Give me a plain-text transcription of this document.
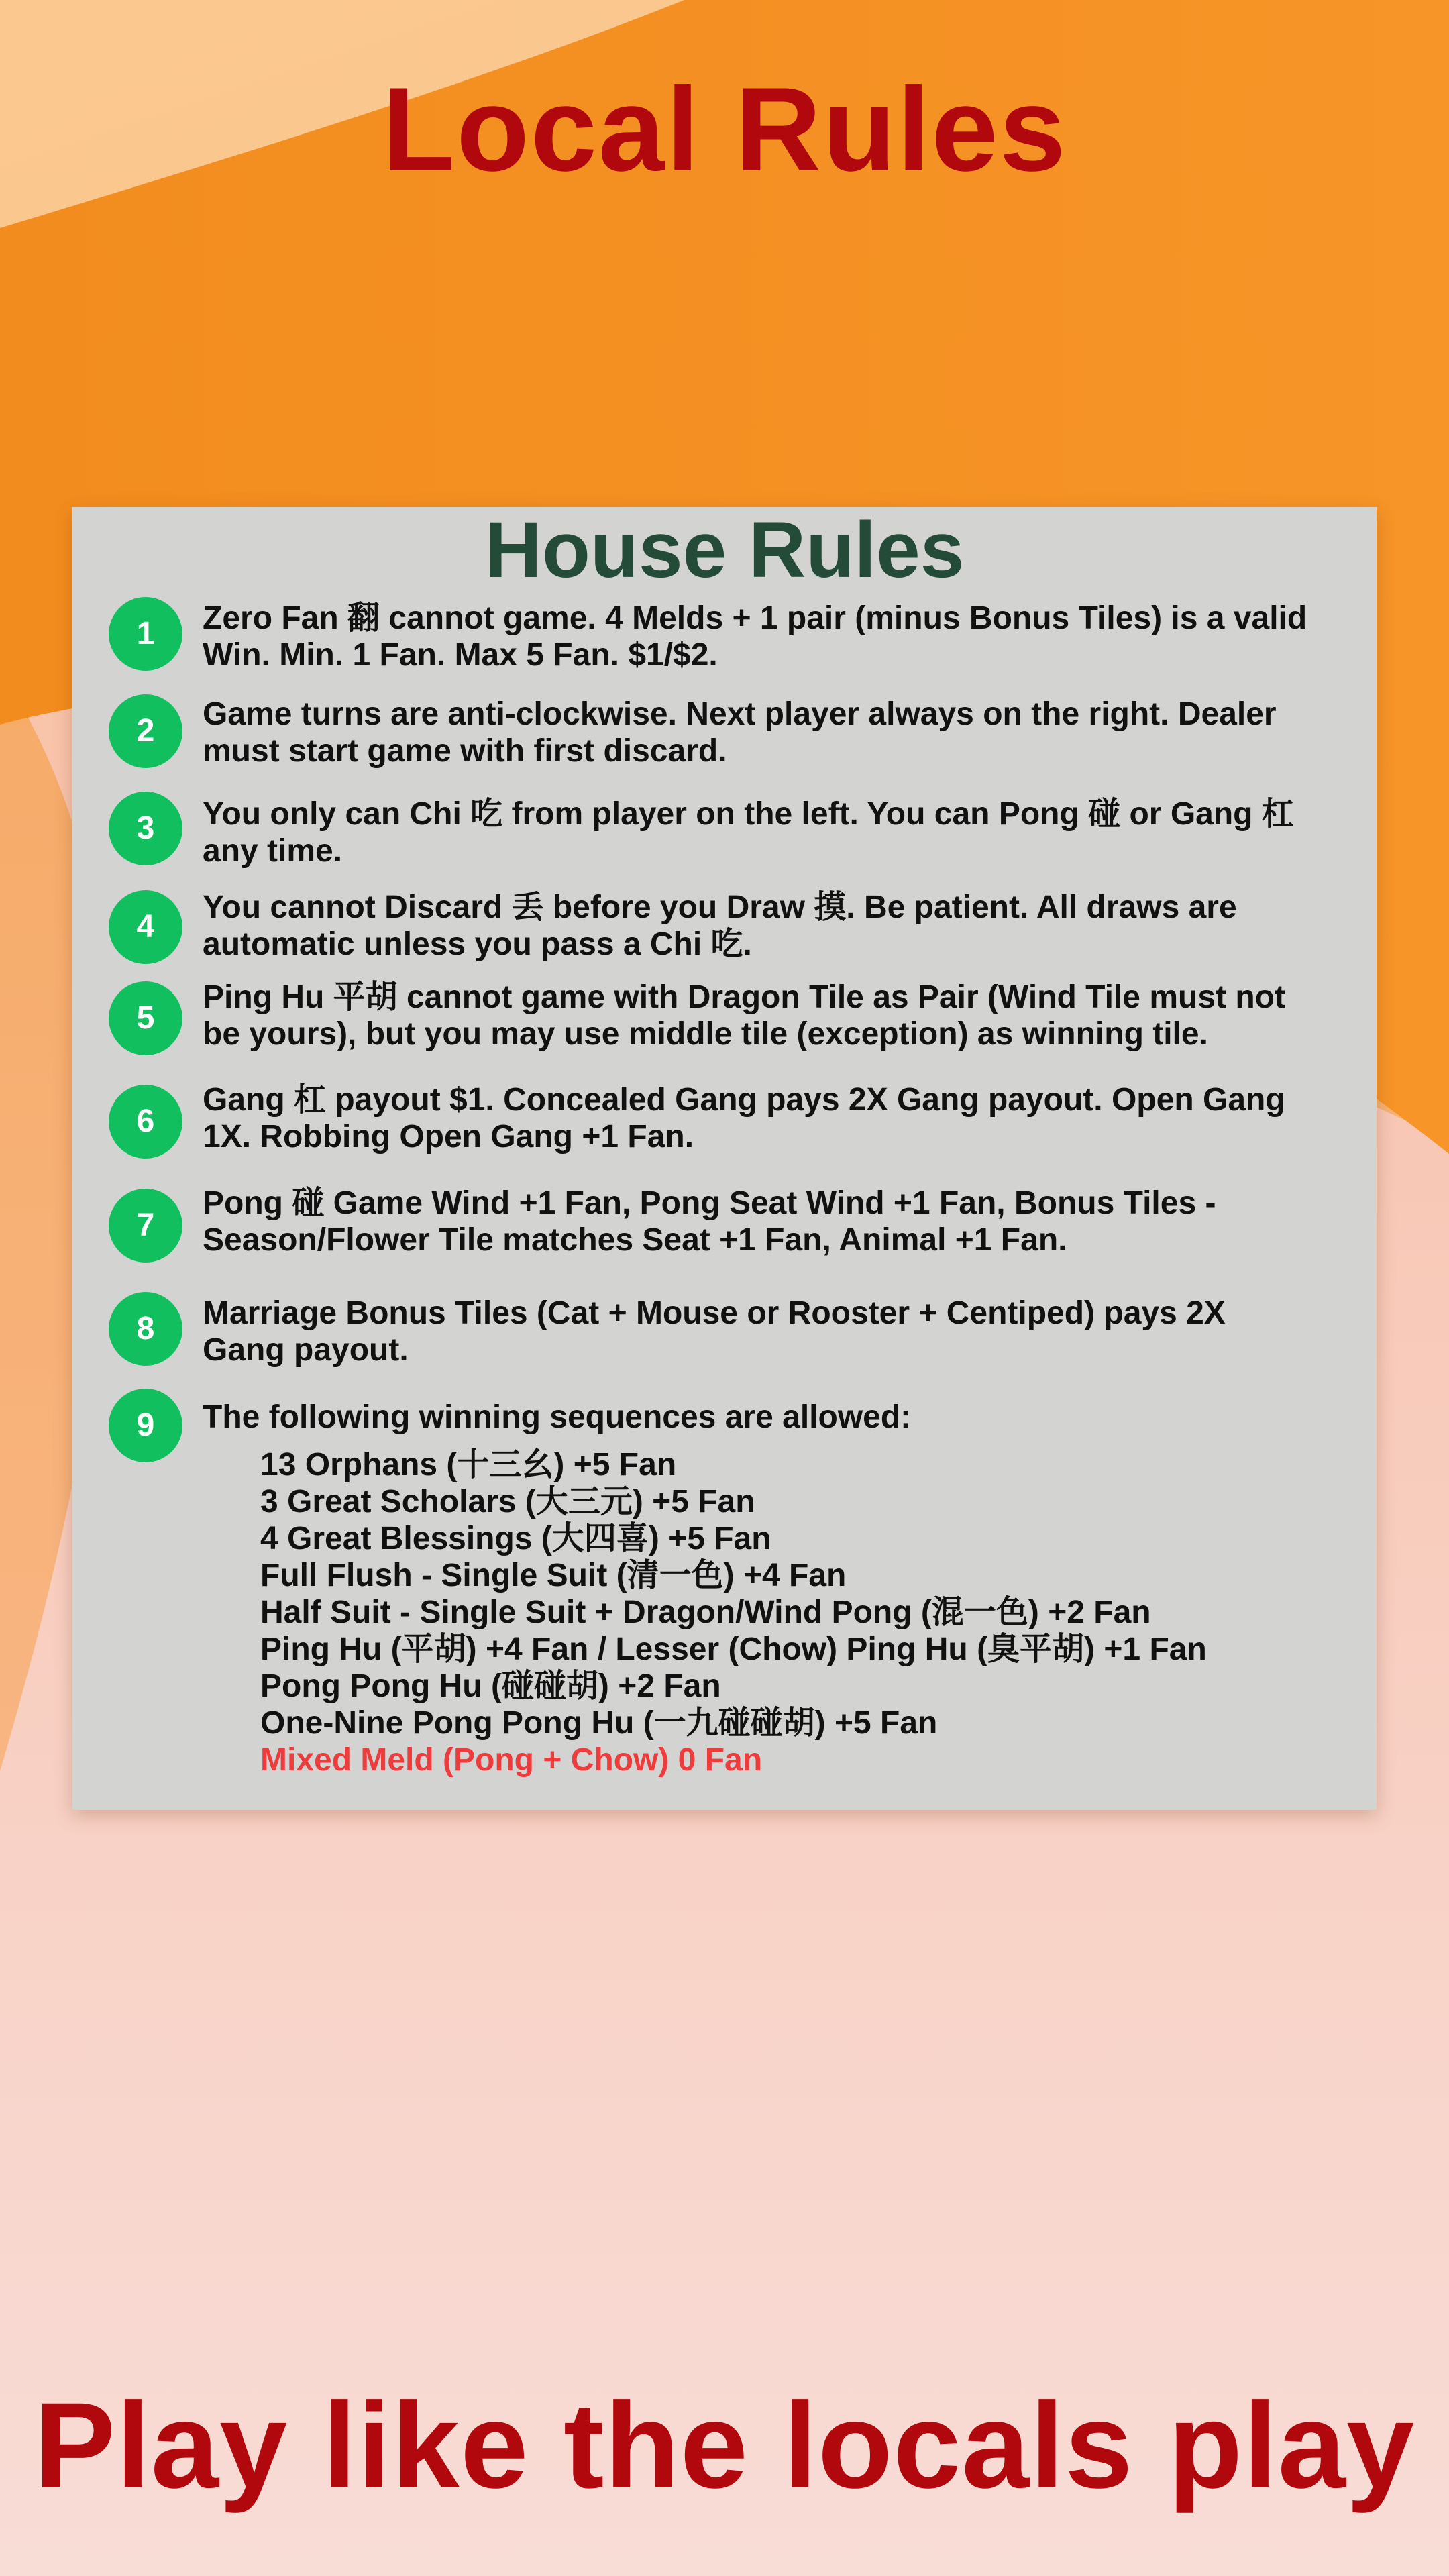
Local Rules
House Rules
1	Zero Fan 翻 cannot game. 4 Melds + 1 pair (minus Bonus Tiles) is a valid
Win. Min. 1 Fan. Max 5 Fan. $1/$2.

2	Game turns are anti-clockwise. Next player always on the right. Dealer
must start game with first discard.

3	You only can Chi 吃 from player on the left. You can Pong 碰 or Gang 杠
any time.

4

You cannot Discard 丢 before you Draw 摸. Be patient. All draws are
automatic unless you pass a Chi 吃.

5

Ping Hu 平胡 cannot game with Dragon Tile as Pair (Wind Tile must not
be yours), but you may use middle tile (exception) as winning tile.

6

Gang 杠 payout $1. Concealed Gang pays 2X Gang payout. Open Gang
1X. Robbing Open Gang +1 Fan.

7

Pong 碰 Game Wind +1 Fan, Pong Seat Wind +1 Fan, Bonus Tiles -
Season/Flower Tile matches Seat +1 Fan, Animal +1 Fan.

8	Marriage Bonus Tiles (Cat + Mouse or Rooster + Centiped) pays 2X
Gang payout.

9	The following winning sequences are allowed:

13 Orphans (十三幺) +5 Fan
3 Great Scholars (大三元) +5 Fan
4 Great Blessings (大四喜) +5 Fan
Full Flush - Single Suit (清一色) +4 Fan
Half Suit - Single Suit + Dragon/Wind Pong (混一色) +2 Fan
Ping Hu (平胡) +4 Fan / Lesser (Chow) Ping Hu (臭平胡) +1 Fan
Pong Pong Hu (碰碰胡) +2 Fan
One-Nine Pong Pong Hu (一九碰碰胡) +5 Fan
Mixed Meld (Pong + Chow) 0 Fan
Play like the locals play
